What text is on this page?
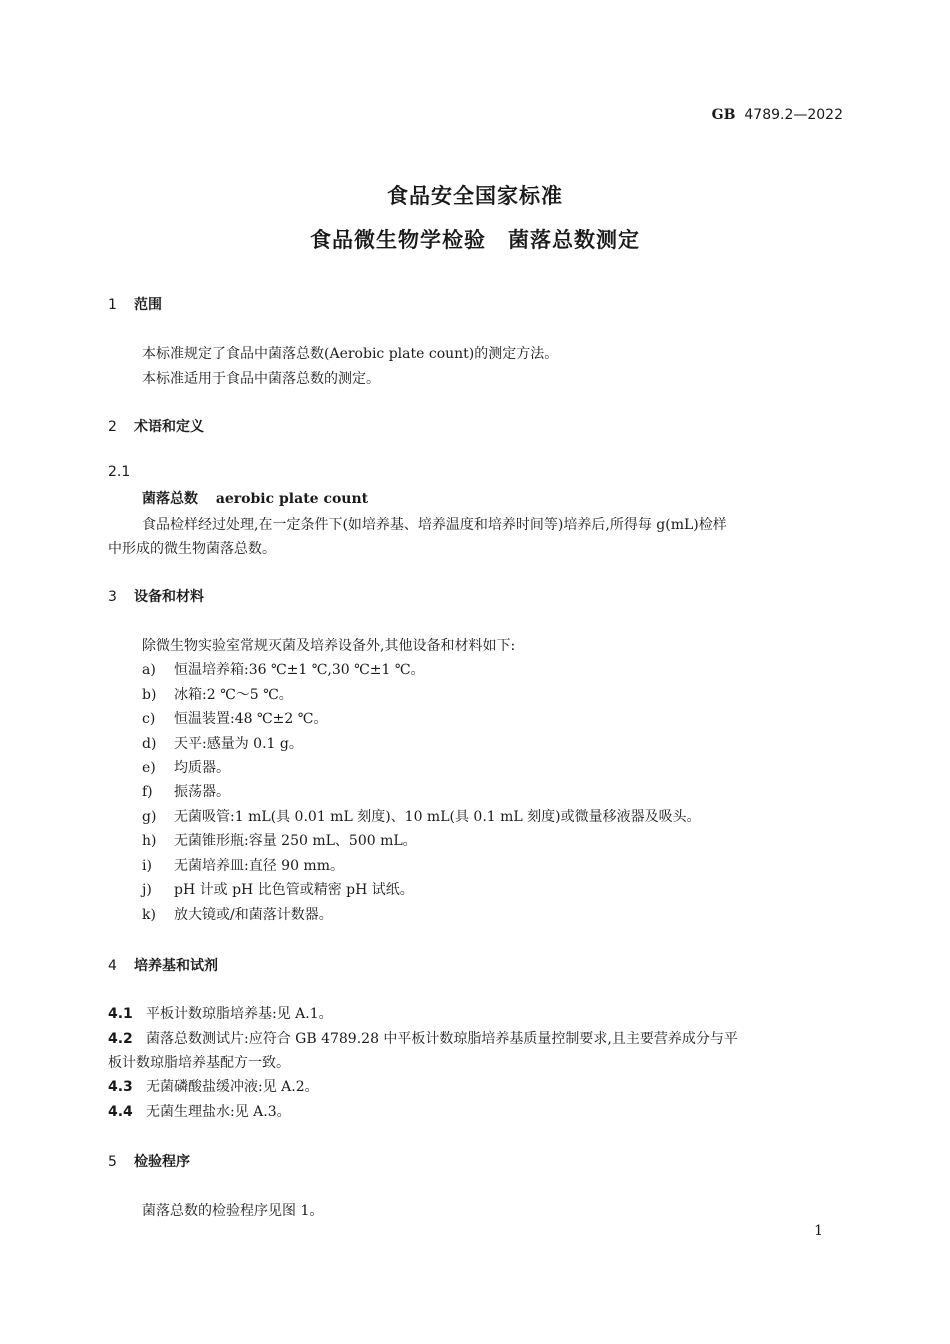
GB 4789.2—2022
食品安全国家标准
食品微生物学检验　菌落总数测定
1 范围
本标准规定了食品中菌落总数(Aerobic plate count)的测定方法。
本标准适用于食品中菌落总数的测定。
2 术语和定义
2.1
菌落总数 aerobic plate count
食品检样经过处理,在一定条件下(如培养基、培养温度和培养时间等)培养后,所得每 g(mL)检样
中形成的微生物菌落总数。
3 设备和材料
除微生物实验室常规灭菌及培养设备外,其他设备和材料如下:
a) 恒温培养箱:36 ℃±1 ℃,30 ℃±1 ℃。
b) 冰箱:2 ℃～5 ℃。
c) 恒温装置:48 ℃±2 ℃。
d) 天平:感量为 0.1 g。
e) 均质器。
f) 振荡器。
g) 无菌吸管:1 mL(具 0.01 mL 刻度)、10 mL(具 0.1 mL 刻度)或微量移液器及吸头。
h) 无菌锥形瓶:容量 250 mL、500 mL。
i) 无菌培养皿:直径 90 mm。
j) pH 计或 pH 比色管或精密 pH 试纸。
k) 放大镜或/和菌落计数器。
4 培养基和试剂
4.1 平板计数琼脂培养基:见 A.1。
4.2 菌落总数测试片:应符合 GB 4789.28 中平板计数琼脂培养基质量控制要求,且主要营养成分与平
板计数琼脂培养基配方一致。
4.3 无菌磷酸盐缓冲液:见 A.2。
4.4 无菌生理盐水:见 A.3。
5 检验程序
菌落总数的检验程序见图 1。
1
